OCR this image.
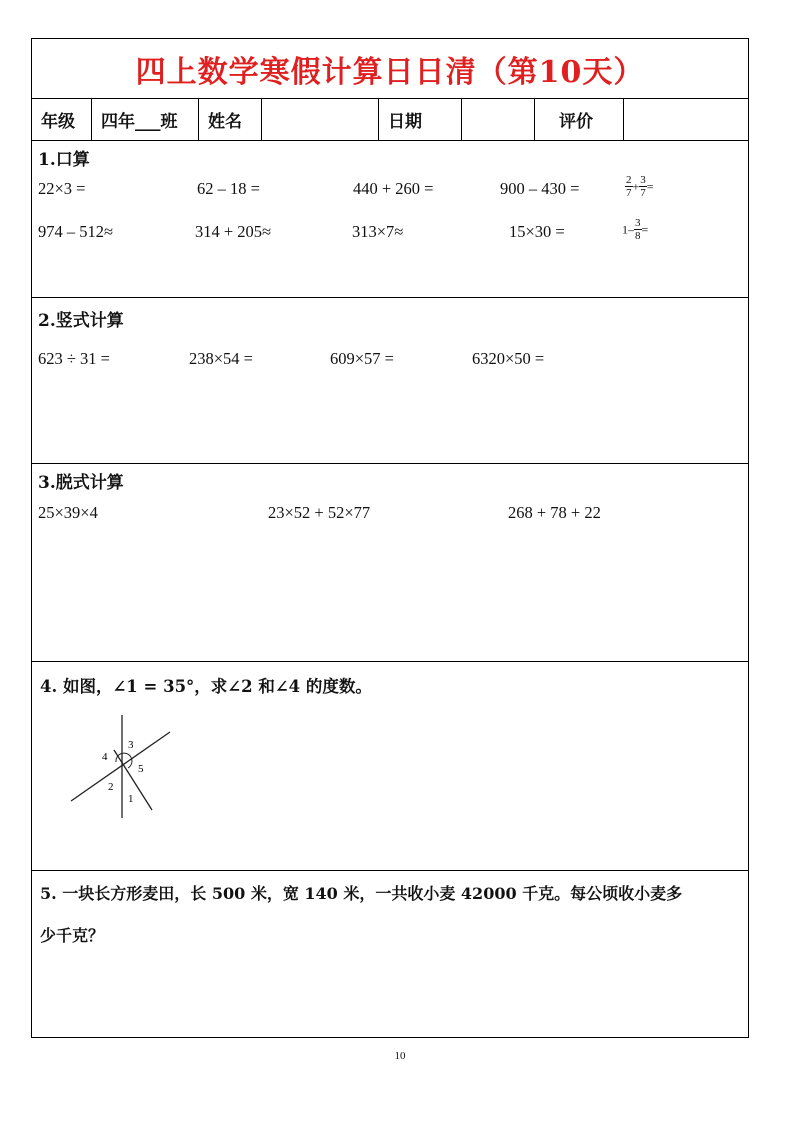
四上数学寒假计算日日清（第10天）
年级	四年___班	姓名	日期	评价
1.口算
22×3 =	62 – 18 =	440 + 260 =	900 – 430 =	$\frac{2}{7} + \frac{3}{7}$ =
974 – 512≈	314 + 205≈	313×7≈	15×30 =	$1- \frac{3}{8}$ =
2.竖式计算
623 ÷ 31 =	238×54 =	609×57 =	6320×50 =
3.脱式计算
25×39×4	23×52 + 52×77	268 + 78 + 22
4. 如图，∠1 = 35°，求∠2 和∠4 的度数。
1
2
3
4
5
5. 一块长方形麦田，长 500 米，宽 140 米，一共收小麦 42000 千克。每公顷收小麦多
少千克？
10
